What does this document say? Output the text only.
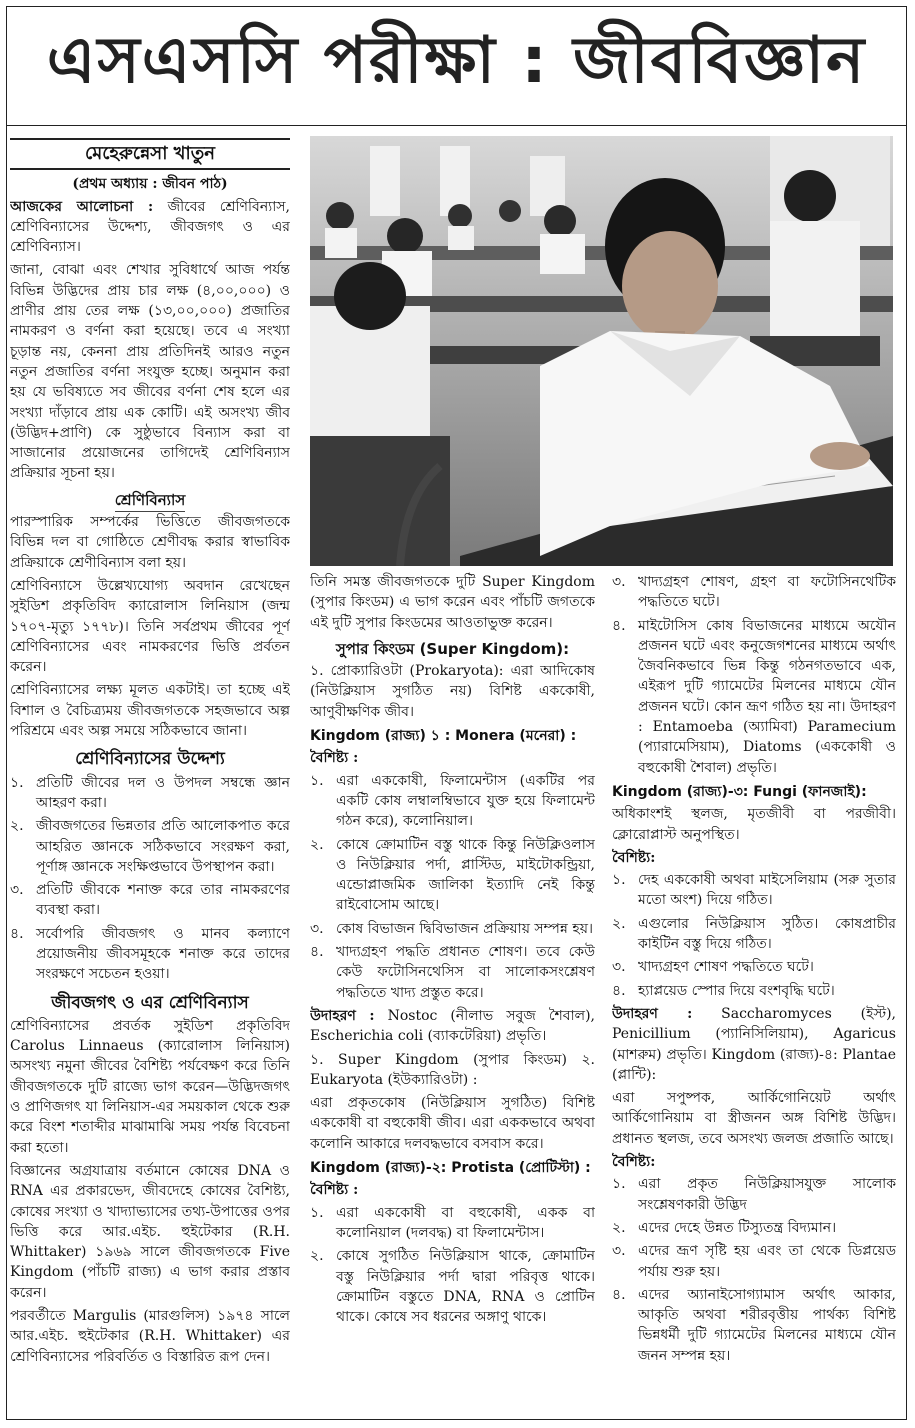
এসএসসি পরীক্ষা : জীববিজ্ঞান
মেহেরুন্নেসা খাতুন
(প্রথম অধ্যায় : জীবন পাঠ)

আজকের আলোচনা : জীবের শ্রেণিবিন্যাস, শ্রেণিবিন্যাসের উদ্দেশ্য, জীবজগৎ ও এর শ্রেণিবিন্যাস।

জানা, বোঝা এবং শেখার সুবিধার্থে আজ পর্যন্ত বিভিন্ন উদ্ভিদের প্রায় চার লক্ষ (৪,০০,০০০) ও প্রাণীর প্রায় তের লক্ষ (১৩,০০,০০০) প্রজাতির নামকরণ ও বর্ণনা করা হয়েছে। তবে এ সংখ্যা চূড়ান্ত নয়, কেননা প্রায় প্রতিদিনই আরও নতুন নতুন প্রজাতির বর্ণনা সংযুক্ত হচ্ছে। অনুমান করা হয় যে ভবিষ্যতে সব জীবের বর্ণনা শেষ হলে এর সংখ্যা দাঁড়াবে প্রায় এক কোটি। এই অসংখ্য জীব (উদ্ভিদ+প্রাণি) কে সুষ্ঠুভাবে বিন্যাস করা বা সাজানোর প্রয়োজনের তাগিদেই শ্রেণিবিন্যাস প্রক্রিয়ার সূচনা হয়।

শ্রেণিবিন্যাস

পারস্পারিক সম্পর্কের ভিত্তিতে জীবজগতকে বিভিন্ন দল বা গোষ্ঠিতে শ্রেণীবদ্ধ করার স্বাভাবিক প্রক্রিয়াকে শ্রেণীবিন্যাস বলা হয়।

শ্রেণিবিন্যাসে উল্লেখ্যযোগ্য অবদান রেখেছেন সুইডিশ প্রকৃতিবিদ ক্যারোলাস লিনিয়াস (জন্ম ১৭০৭-মৃত্যু ১৭৭৮)। তিনি সর্বপ্রথম জীবের পূর্ণ শ্রেণিবিন্যাসের এবং নামকরণের ভিত্তি প্রর্বতন করেন।

শ্রেণিবিন্যাসের লক্ষ্য মূলত একটাই। তা হচ্ছে এই বিশাল ও বৈচিত্র্যময় জীবজগতকে সহজভাবে অল্প পরিশ্রমে এবং অল্প সময়ে সঠিকভাবে জানা।

শ্রেণিবিন্যাসের উদ্দেশ্য
১. প্রতিটি জীবের দল ও উপদল সম্বন্ধে জ্ঞান আহরণ করা।
২. জীবজগতের ভিন্নতার প্রতি আলোকপাত করে আহরিত জ্ঞানকে সঠিকভাবে সংরক্ষণ করা, পূর্ণাঙ্গ জ্ঞানকে সংক্ষিপ্তভাবে উপস্থাপন করা।
৩. প্রতিটি জীবকে শনাক্ত করে তার নামকরণের ব্যবস্থা করা।
৪. সর্বোপরি জীবজগৎ ও মানব কল্যাণে প্রয়োজনীয় জীবসমূহকে শনাক্ত করে তাদের সংরক্ষণে সচেতন হওয়া।
জীবজগৎ ও এর শ্রেণিবিন্যাস

শ্রেণিবিন্যাসের প্রবর্তক সুইডিশ প্রকৃতিবিদ Carolus Linnaeus (ক্যারোলাস লিনিয়াস) অসংখ্য নমুনা জীবের বৈশিষ্ট্য পর্যবেক্ষণ করে তিনি জীবজগতকে দুটি রাজ্যে ভাগ করেন—উদ্ভিদজগৎ ও প্রাণিজগৎ যা লিনিয়াস-এর সময়কাল থেকে শুরু করে বিংশ শতাব্দীর মাঝামাঝি সময় পর্যন্ত বিবেচনা করা হতো।

বিজ্ঞানের অগ্রযাত্রায় বর্তমানে কোষের DNA ও RNA এর প্রকারভেদ, জীবদেহে কোষের বৈশিষ্ট্য, কোষের সংখ্যা ও খাদ্যাভ্যাসের তথ্য-উপাত্তের ওপর ভিত্তি করে আর.এইচ. হুইটেকার (R.H. Whittaker) ১৯৬৯ সালে জীবজগতকে Five Kingdom (পাঁচটি রাজ্য) এ ভাগ করার প্রস্তাব করেন।

পরবর্তীতে Margulis (মারগুলিস) ১৯৭৪ সালে আর.এইচ. হুইটেকার (R.H. Whittaker) এর শ্রেণিবিন্যাসের পরিবর্তিত ও বিস্তারিত রূপ দেন।

তিনি সমস্ত জীবজগতকে দুটি Super Kingdom (সুপার কিংডম) এ ভাগ করেন এবং পাঁচটি জগতকে এই দুটি সুপার কিংডমের আওতাভুক্ত করেন।

সুপার কিংডম (Super Kingdom):

১. প্রোক্যারিওটা (Prokaryota): এরা আদিকোষ (নিউক্লিয়াস সুগঠিত নয়) বিশিষ্ট এককোষী, আণুবীক্ষণিক জীব।

Kingdom (রাজ্য) ১ : Monera (মনেরা) :
বৈশিষ্ট্য :
১. এরা এককোষী, ফিলামেন্টাস (একটির পর একটি কোষ লম্বালম্বিভাবে যুক্ত হয়ে ফিলামেন্ট গঠন করে), কলোনিয়াল।
২. কোষে ক্রোমাটিন বস্তু থাকে কিন্তু নিউক্লিওলাস ও নিউক্লিয়ার পর্দা, প্লাস্টিড, মাইটোকন্ড্রিয়া, এন্ডোপ্লাজমিক জালিকা ইত্যাদি নেই কিন্তু রাইবোসোম আছে।
৩. কোষ বিভাজন দ্বিবিভাজন প্রক্রিয়ায় সম্পন্ন হয়।
৪. খাদ্যগ্রহণ পদ্ধতি প্রধানত শোষণ। তবে কেউ কেউ ফটোসিনথেসিস বা সালোকসংশ্লেষণ পদ্ধতিতে খাদ্য প্রস্তুত করে।

উদাহরণ : Nostoc (নীলাভ সবুজ শৈবাল), Escherichia coli (ব্যাকটেরিয়া) প্রভৃতি।

১. Super Kingdom (সুপার কিংডম) ২. Eukaryota (ইউক্যারিওটা) :

এরা প্রকৃতকোষ (নিউক্লিয়াস সুগঠিত) বিশিষ্ট এককোষী বা বহুকোষী জীব। এরা এককভাবে অথবা কলোনি আকারে দলবদ্ধভাবে বসবাস করে।

Kingdom (রাজ্য)-২: Protista (প্রোটিস্টা) :
বৈশিষ্ট্য :
১. এরা এককোষী বা বহুকোষী, একক বা কলোনিয়াল (দলবদ্ধ) বা ফিলামেন্টাস।
২. কোষে সুগঠিত নিউক্লিয়াস থাকে, ক্রোমাটিন বস্তু নিউক্লিয়ার পর্দা দ্বারা পরিবৃত্ত থাকে। ক্রোমাটিন বস্তুতে DNA, RNA ও প্রোটিন থাকে। কোষে সব ধরনের অঙ্গাণু থাকে।
৩. খাদ্যগ্রহণ শোষণ, গ্রহণ বা ফটোসিনথেটিক পদ্ধতিতে ঘটে।
৪. মাইটোসিস কোষ বিভাজনের মাধ্যমে অযৌন প্রজনন ঘটে এবং কনুজেগশনের মাধ্যমে অর্থাৎ জৈবনিকভাবে ভিন্ন কিন্তু গঠনগতভাবে এক, এইরূপ দুটি গ্যামেটের মিলনের মাধ্যমে যৌন প্রজনন ঘটে। কোন ভ্রূণ গঠিত হয় না। উদাহরণ : Entamoeba (অ্যামিবা) Paramecium (প্যারামেসিয়াম), Diatoms (এককোষী ও বহুকোষী শৈবাল) প্রভৃতি।
Kingdom (রাজ্য)-৩: Fungi (ফানজাই):

অধিকাংশই স্থলজ, মৃতজীবী বা পরজীবী। ক্লোরোপ্লাস্ট অনুপস্থিত।

বৈশিষ্ট্য:
১. দেহ এককোষী অথবা মাইসেলিয়াম (সরু সুতার মতো অংশ) দিয়ে গঠিত।
২. এগুলোর নিউক্লিয়াস সুঠিত। কোষপ্রাচীর কাইটিন বস্তু দিয়ে গঠিত।
৩. খাদ্যগ্রহণ শোষণ পদ্ধতিতে ঘটে।
৪. হ্যাপ্লয়েড স্পোর দিয়ে বংশবৃদ্ধি ঘটে।

উদাহরণ : Saccharomyces (ইস্ট), Penicillium (প্যানিসিলিয়াম), Agaricus (মাশরুম) প্রভৃতি। Kingdom (রাজ্য)-৪: Plantae (প্লান্টি):

এরা সপুষ্পক, আর্কিগোনিয়েট অর্থাৎ আর্কিগোনিয়াম বা স্ত্রীজনন অঙ্গ বিশিষ্ট উদ্ভিদ। প্রধানত স্থলজ, তবে অসংখ্য জলজ প্রজাতি আছে।

বৈশিষ্ট্য:
১. এরা প্রকৃত নিউক্লিয়াসযুক্ত সালোক সংশ্লেষণকারী উদ্ভিদ
২. এদের দেহে উন্নত টিস্যুতন্ত্র বিদ্যমান।
৩. এদের ভ্রূণ সৃষ্টি হয় এবং তা থেকে ডিপ্লয়েড পর্যায় শুরু হয়।
৪. এদের অ্যানাইসোগ্যামাস অর্থাৎ আকার, আকৃতি অথবা শরীরবৃত্তীয় পার্থক্য বিশিষ্ট ভিন্নধর্মী দুটি গ্যামেটের মিলনের মাধ্যমে যৌন জনন সম্পন্ন হয়।
